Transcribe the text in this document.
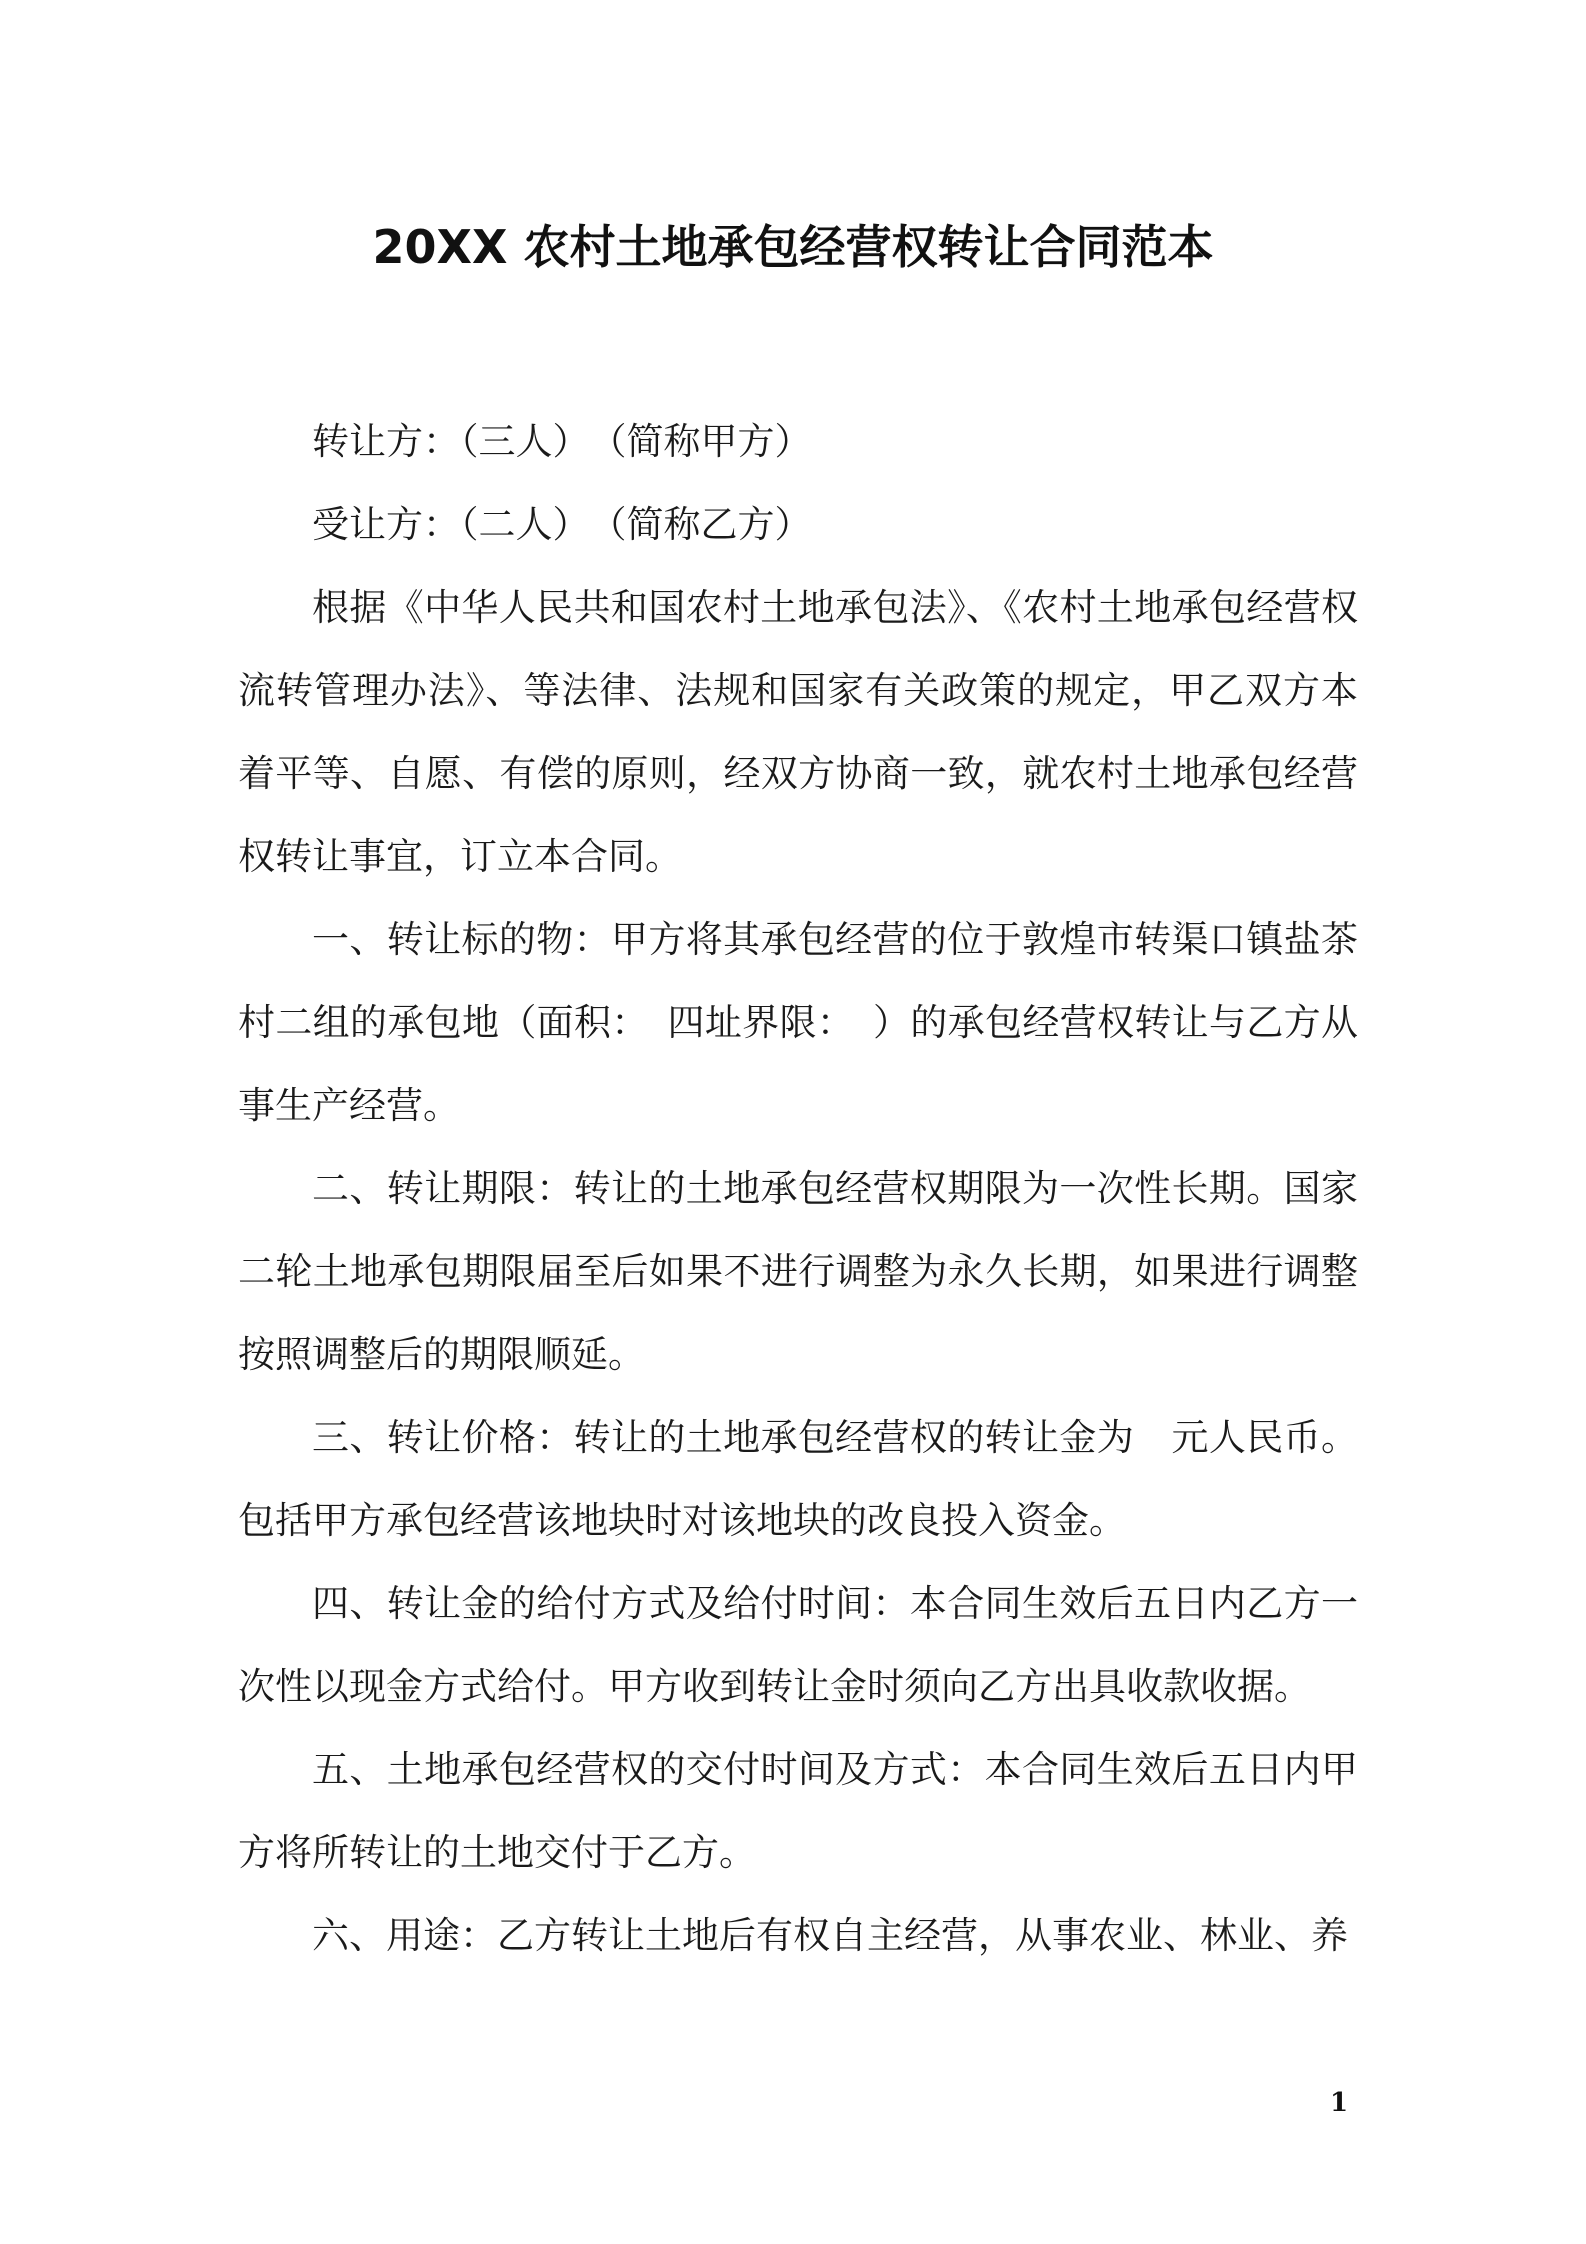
20XX 农村土地承包经营权转让合同范本

转让方：（三人）　（简称甲方）

受让方：（二人）　（简称乙方）

根据《中华人民共和国农村土地承包法》、《农村土地承包经营权流转管理办法》、等法律、法规和国家有关政策的规定，甲乙双方本着平等、自愿、有偿的原则，经双方协商一致，就农村土地承包经营权转让事宜，订立本合同。

一、转让标的物：甲方将其承包经营的位于敦煌市转渠口镇盐茶村二组的承包地（面积：　四址界限：　）的承包经营权转让与乙方从事生产经营。

二、转让期限：转让的土地承包经营权期限为一次性长期。国家二轮土地承包期限届至后如果不进行调整为永久长期，如果进行调整按照调整后的期限顺延。

三、转让价格：转让的土地承包经营权的转让金为　元人民币。包括甲方承包经营该地块时对该地块的改良投入资金。

四、转让金的给付方式及给付时间：本合同生效后五日内乙方一次性以现金方式给付。甲方收到转让金时须向乙方出具收款收据。

五、土地承包经营权的交付时间及方式：本合同生效后五日内甲方将所转让的土地交付于乙方。

六、用途：乙方转让土地后有权自主经营，从事农业、林业、养

1
